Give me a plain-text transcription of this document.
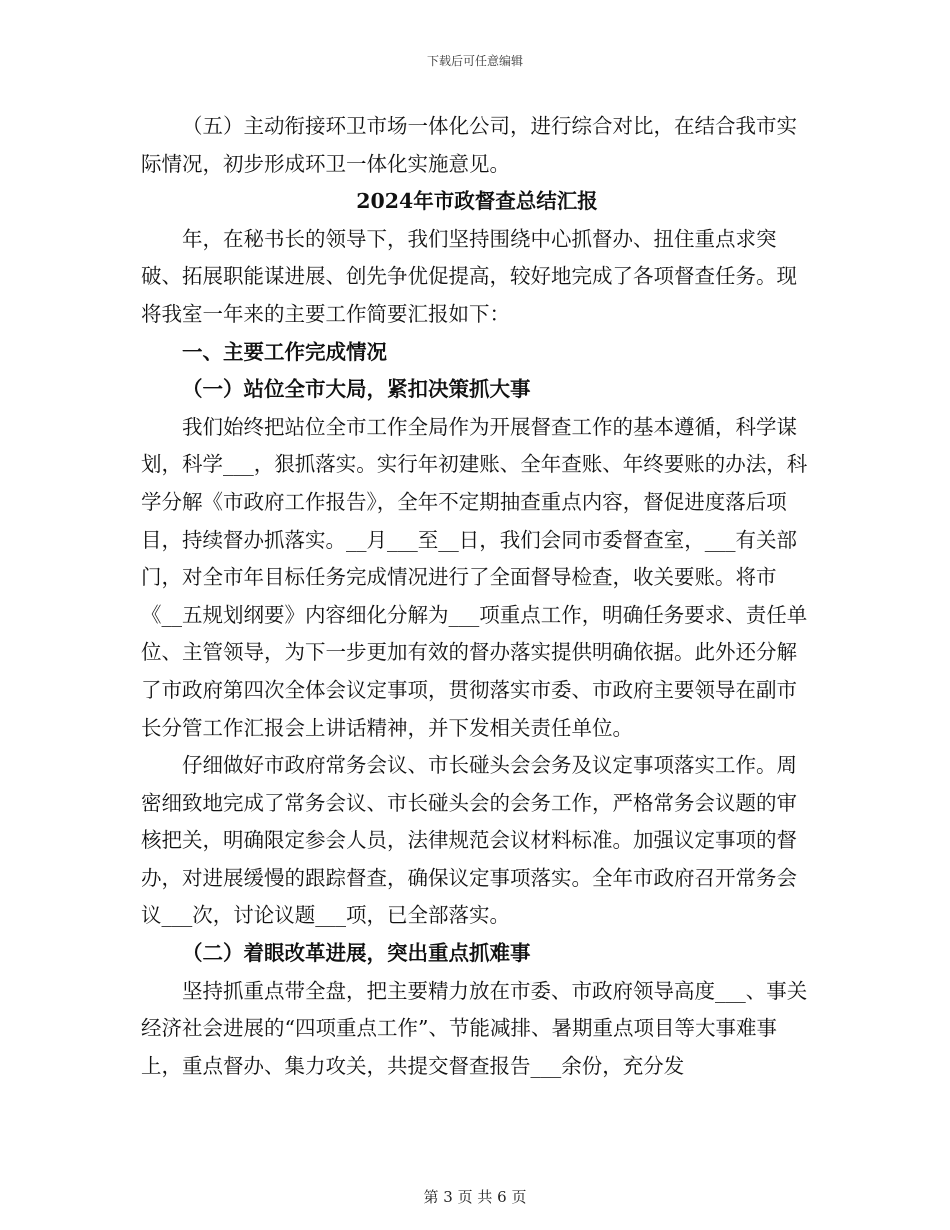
下载后可任意编辑

（五）主动衔接环卫市场一体化公司，进行综合对比，在结合我市实际情况，初步形成环卫一体化实施意见。

2024年市政督查总结汇报

年，在秘书长的领导下，我们坚持围绕中心抓督办、扭住重点求突破、拓展职能谋进展、创先争优促提高，较好地完成了各项督查任务。现将我室一年来的主要工作简要汇报如下：

一、主要工作完成情况

（一）站位全市大局，紧扣决策抓大事

我们始终把站位全市工作全局作为开展督查工作的基本遵循，科学谋划，科学___，狠抓落实。实行年初建账、全年查账、年终要账的办法，科学分解《市政府工作报告》，全年不定期抽查重点内容，督促进度落后项目，持续督办抓落实。__月___至__日，我们会同市委督查室，___有关部门，对全市年目标任务完成情况进行了全面督导检查，收关要账。将市《__五规划纲要》内容细化分解为___项重点工作，明确任务要求、责任单位、主管领导，为下一步更加有效的督办落实提供明确依据。此外还分解了市政府第四次全体会议定事项，贯彻落实市委、市政府主要领导在副市长分管工作汇报会上讲话精神，并下发相关责任单位。

仔细做好市政府常务会议、市长碰头会会务及议定事项落实工作。周密细致地完成了常务会议、市长碰头会的会务工作，严格常务会议题的审核把关，明确限定参会人员，法律规范会议材料标准。加强议定事项的督办，对进展缓慢的跟踪督查，确保议定事项落实。全年市政府召开常务会议___次，讨论议题___项，已全部落实。

（二）着眼改革进展，突出重点抓难事

坚持抓重点带全盘，把主要精力放在市委、市政府领导高度___、事关经济社会进展的“四项重点工作”、节能减排、暑期重点项目等大事难事上，重点督办、集力攻关，共提交督查报告___余份，充分发

第 3 页 共 6 页
